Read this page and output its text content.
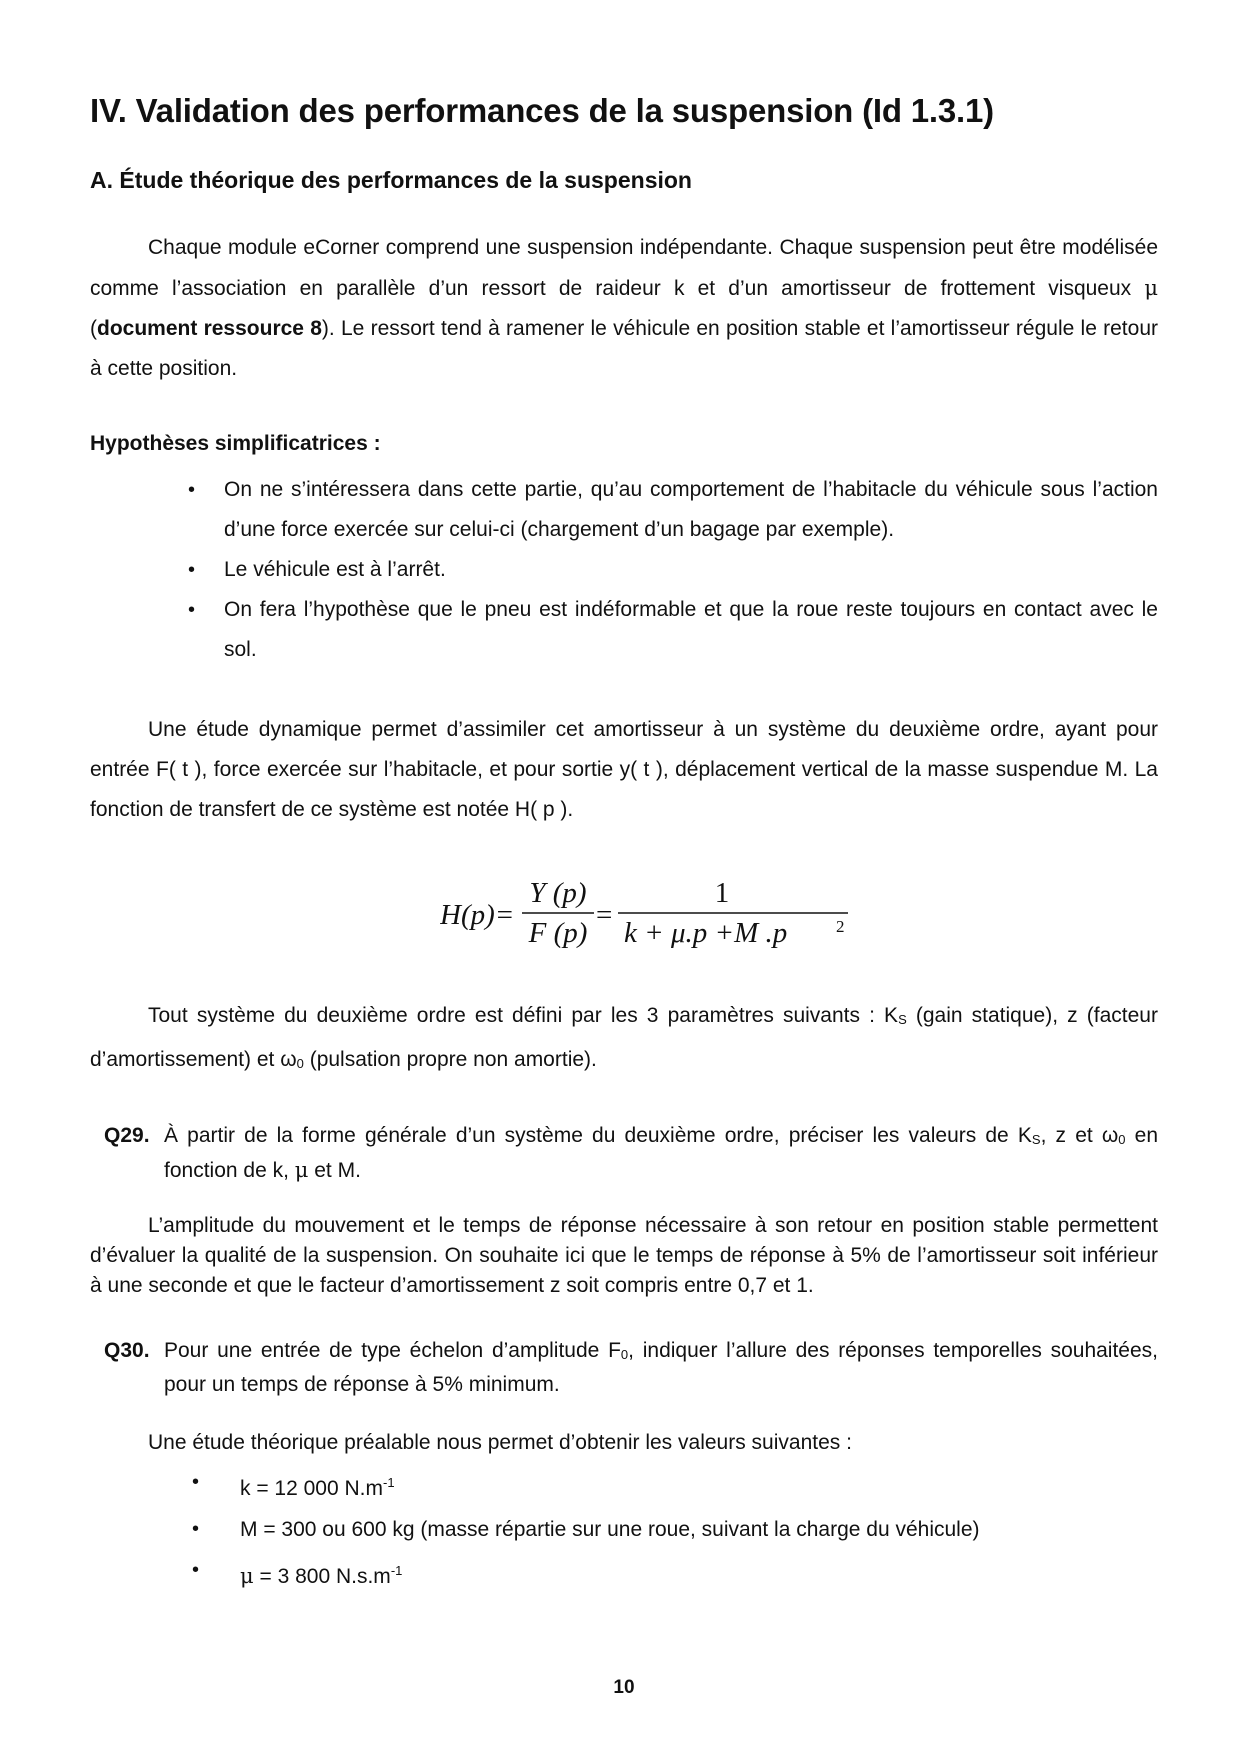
IV. Validation des performances de la suspension (Id 1.3.1)
A. Étude théorique des performances de la suspension

Chaque module eCorner comprend une suspension indépendante. Chaque suspension peut être modélisée comme l’association en parallèle d’un ressort de raideur k et d’un amortisseur de frottement visqueux μ (document ressource 8). Le ressort tend à ramener le véhicule en position stable et l’amortisseur régule le retour à cette position.

Hypothèses simplificatrices :

• On ne s’intéressera dans cette partie, qu’au comportement de l’habitacle du véhicule sous l’action d’une force exercée sur celui-ci (chargement d’un bagage par exemple).
• Le véhicule est à l’arrêt.
• On fera l’hypothèse que le pneu est indéformable et que la roue reste toujours en contact avec le sol.

Une étude dynamique permet d’assimiler cet amortisseur à un système du deuxième ordre, ayant pour entrée F( t ), force exercée sur l’habitacle, et pour sortie y( t ), déplacement vertical de la masse suspendue M. La fonction de transfert de ce système est notée H( p ).

H(p)=
Y (p)
F (p)
=
1
k + μ.p +M .p	2

Tout système du deuxième ordre est défini par les 3 paramètres suivants : $K_S$ (gain statique), z (facteur d’amortissement) et $\omega_0$ (pulsation propre non amortie).

Q29. À partir de la forme générale d’un système du deuxième ordre, préciser les valeurs de $K_S$, z et $\omega_0$ en fonction de k, μ et M.

L’amplitude du mouvement et le temps de réponse nécessaire à son retour en position stable permettent d’évaluer la qualité de la suspension. On souhaite ici que le temps de réponse à 5% de l’amortisseur soit inférieur à une seconde et que le facteur d’amortissement z soit compris entre 0,7 et 1.

Q30. Pour une entrée de type échelon d’amplitude $F_0$, indiquer l’allure des réponses temporelles souhaitées, pour un temps de réponse à 5% minimum.

Une étude théorique préalable nous permet d’obtenir les valeurs suivantes :

• k = 12 000 $N.m^{-1}$
• M = 300 ou 600 kg (masse répartie sur une roue, suivant la charge du véhicule)
• μ = 3 800 $N.s.m^{-1}$
10
